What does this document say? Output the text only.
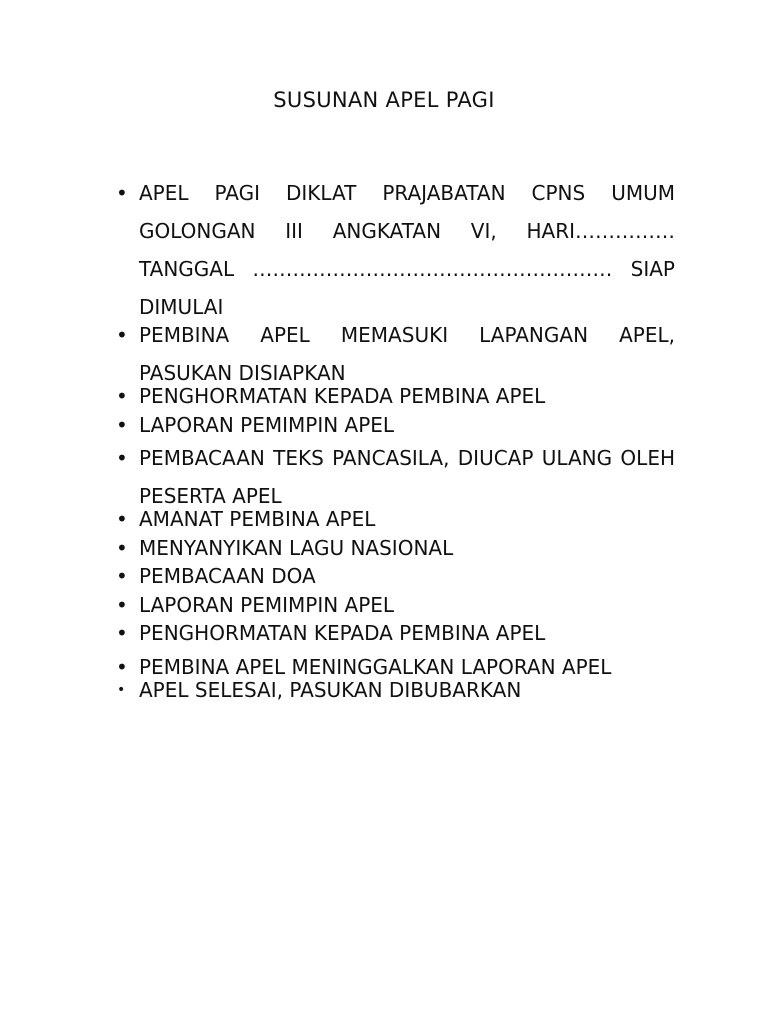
SUSUNAN APEL PAGI
• APEL PAGI DIKLAT PRAJABATAN CPNS UMUM GOLONGAN III ANGKATAN VI, HARI…………… TANGGAL ……………………………………………… SIAP DIMULAI
• PEMBINA APEL MEMASUKI LAPANGAN APEL, PASUKAN DISIAPKAN
• PENGHORMATAN KEPADA PEMBINA APEL
• LAPORAN PEMIMPIN APEL
• PEMBACAAN TEKS PANCASILA, DIUCAP ULANG OLEH PESERTA APEL
• AMANAT PEMBINA APEL
• MENYANYIKAN LAGU NASIONAL
• PEMBACAAN DOA
• LAPORAN PEMIMPIN APEL
• PENGHORMATAN KEPADA PEMBINA APEL
• PEMBINA APEL MENINGGALKAN LAPORAN APEL
• APEL SELESAI, PASUKAN DIBUBARKAN
